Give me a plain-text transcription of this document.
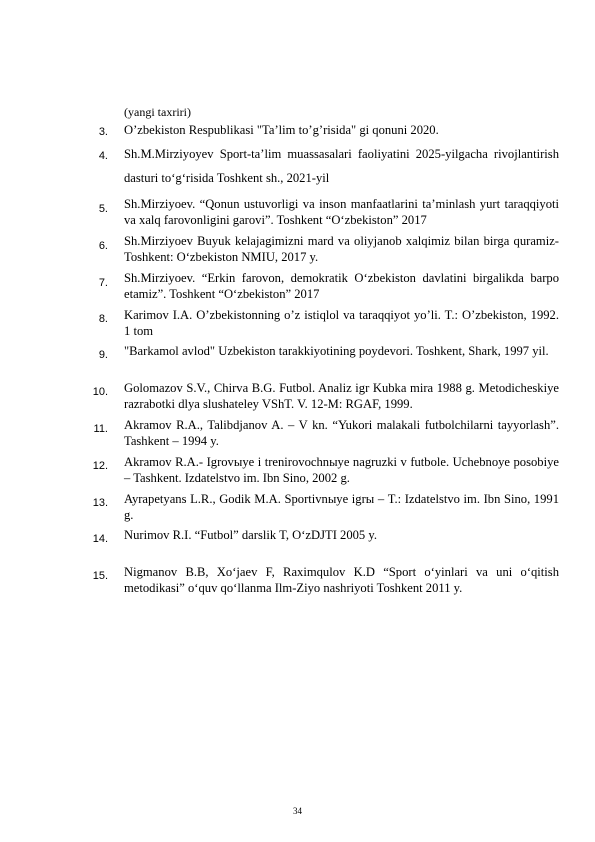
(yangi taxriri)
3. O’zbekiston Respublikasi "Ta’lim to’g’risida" gi qonuni 2020.
4. Sh.M.Mirziyoyev Sport-ta’lim muassasalari faoliyatini 2025-yilgacha rivojlantirish dasturi to‘g‘risida Toshkent sh., 2021-yil
5. Sh.Mirziyoev. “Qonun ustuvorligi va inson manfaatlarini ta’minlash yurt taraqqiyoti va xalq farovonligini garovi”. Toshkent “O‘zbekiston” 2017
6. Sh.Mirziyoev Buyuk kelajagimizni mard va oliyjanob xalqimiz bilan birga quramiz-Toshkent: O‘zbekiston NMIU, 2017 y.
7. Sh.Mirziyoev. “Erkin farovon, demokratik O‘zbekiston davlatini birgalikda barpo etamiz”. Toshkent “O‘zbekiston” 2017
8. Karimov I.A. O’zbekistonning o’z istiqlol va taraqqiyot yo’li. T.: O’zbekiston, 1992. 1 tom
9. "Barkamol avlod" Uzbekiston tarakkiyotining poydevori. Toshkent, Shark, 1997 yil.
10. Golomazov S.V., Chirva B.G. Futbol. Analiz igr Kubka mira 1988 g. Metodicheskiye razrabotki dlya slushateley VShT. V. 12-M: RGAF, 1999.
11. Akramov R.A., Talibdjanov A. – V kn. “Yukori malakali futbolchilarni tayyorlash”. Tashkent – 1994 y.
12. Akramov R.A.- Igrovыye i trenirovochnыye nagruzki v futbole. Uchebnoye posobiye – Tashkent. Izdatelstvo im. Ibn Sino, 2002 g.
13. Ayrapetyans L.R., Godik M.A. Sportivnыye igrы – T.: Izdatelstvo im. Ibn Sino, 1991 g.
14. Nurimov R.I. “Futbol” darslik T, O‘zDJTI 2005 y.
15. Nigmanov B.B, Xo‘jaev F, Raximqulov K.D “Sport o‘yinlari va uni o‘qitish metodikasi” o‘quv qo‘llanma Ilm-Ziyo nashriyoti Toshkent 2011 y.
34
